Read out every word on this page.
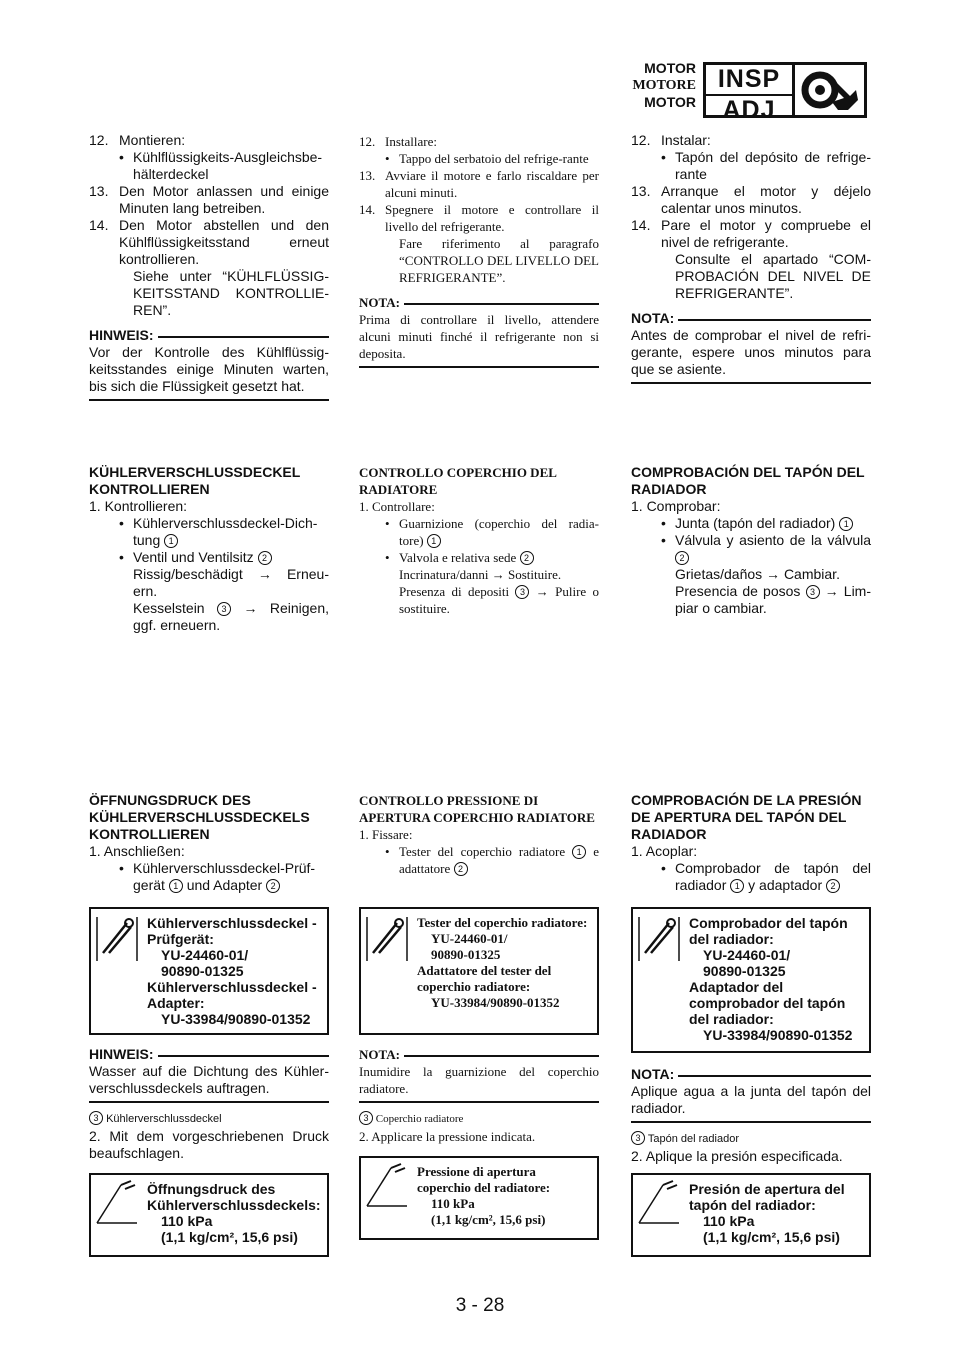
MOTOR
MOTORE
MOTOR
INSP
ADJ
12. Montieren:
• Kühlflüssigkeits-Ausgleichsbe-hälterdeckel
13. Den Motor anlassen und einige Minuten lang betreiben.
14. Den Motor abstellen und den Kühlflüssigkeitsstand erneut kontrollieren.
Siehe unter “KÜHLFLÜSSIG-KEITSSTAND KONTROLLIE-REN”.
HINWEIS:
Vor der Kontrolle des Kühlflüssig-keitsstandes einige Minuten warten, bis sich die Flüssigkeit gesetzt hat.
KÜHLERVERSCHLUSSDECKEL KONTROLLIEREN
1. Kontrollieren:
• Kühlerverschlussdeckel-Dich-tung 1
• Ventil und Ventilsitz 2
Rissig/beschädigt → Erneu-ern.
Kesselstein 3 → Reinigen, ggf. erneuern.
ÖFFNUNGSDRUCK DES KÜHLERVERSCHLUSSDECKELS KONTROLLIEREN
1. Anschließen:
• Kühlerverschlussdeckel-Prüf-gerät 1 und Adapter 2
Kühlerverschlussdeckel -Prüfgerät:
YU-24460-01/
90890-01325
Kühlerverschlussdeckel -Adapter:
YU-33984/90890-01352
HINWEIS:
Wasser auf die Dichtung des Kühler-verschlussdeckels auftragen.
3 Kühlerverschlussdeckel
2. Mit dem vorgeschriebenen Druck beaufschlagen.
Öffnungsdruck des Kühlerverschlussdeckels:
110 kPa
(1,1 kg/cm², 15,6 psi)
12. Installare:
• Tappo del serbatoio del refrige-rante
13. Avviare il motore e farlo riscaldare per alcuni minuti.
14. Spegnere il motore e controllare il livello del refrigerante.
Fare riferimento al paragrafo “CONTROLLO DEL LIVELLO DEL REFRIGERANTE”.
NOTA:
Prima di controllare il livello, attendere alcuni minuti finché il refrigerante non si deposita.
CONTROLLO COPERCHIO DEL RADIATORE
1. Controllare:
• Guarnizione (coperchio del radia-tore) 1
• Valvola e relativa sede 2
Incrinatura/danni → Sostituire.
Presenza di depositi 3 → Pulire o sostituire.
CONTROLLO PRESSIONE DI APERTURA COPERCHIO RADIATORE
1. Fissare:
• Tester del coperchio radiatore 1 e adattatore 2
Tester del coperchio radiatore:
YU-24460-01/
90890-01325
Adattatore del tester del coperchio radiatore:
YU-33984/90890-01352
NOTA:
Inumidire la guarnizione del coperchio radiatore.
3 Coperchio radiatore
2. Applicare la pressione indicata.
Pressione di apertura coperchio del radiatore:
110 kPa
(1,1 kg/cm², 15,6 psi)
12. Instalar:
• Tapón del depósito de refrige-rante
13. Arranque el motor y déjelo calentar unos minutos.
14. Pare el motor y compruebe el nivel de refrigerante.
Consulte el apartado “COM-PROBACIÓN DEL NIVEL DE REFRIGERANTE”.
NOTA:
Antes de comprobar el nivel de refri-gerante, espere unos minutos para que se asiente.
COMPROBACIÓN DEL TAPÓN DEL RADIADOR
1. Comprobar:
• Junta (tapón del radiador) 1
• Válvula y asiento de la válvula 2
Grietas/daños → Cambiar.
Presencia de posos 3 → Lim-piar o cambiar.
COMPROBACIÓN DE LA PRESIÓN DE APERTURA DEL TAPÓN DEL RADIADOR
1. Acoplar:
• Comprobador de tapón del radiador 1 y adaptador 2
Comprobador del tapón del radiador:
YU-24460-01/
90890-01325
Adaptador del comprobador del tapón del radiador:
YU-33984/90890-01352
NOTA:
Aplique agua a la junta del tapón del radiador.
3 Tapón del radiador
2. Aplique la presión especificada.
Presión de apertura del tapón del radiador:
110 kPa
(1,1 kg/cm², 15,6 psi)
3 - 28
